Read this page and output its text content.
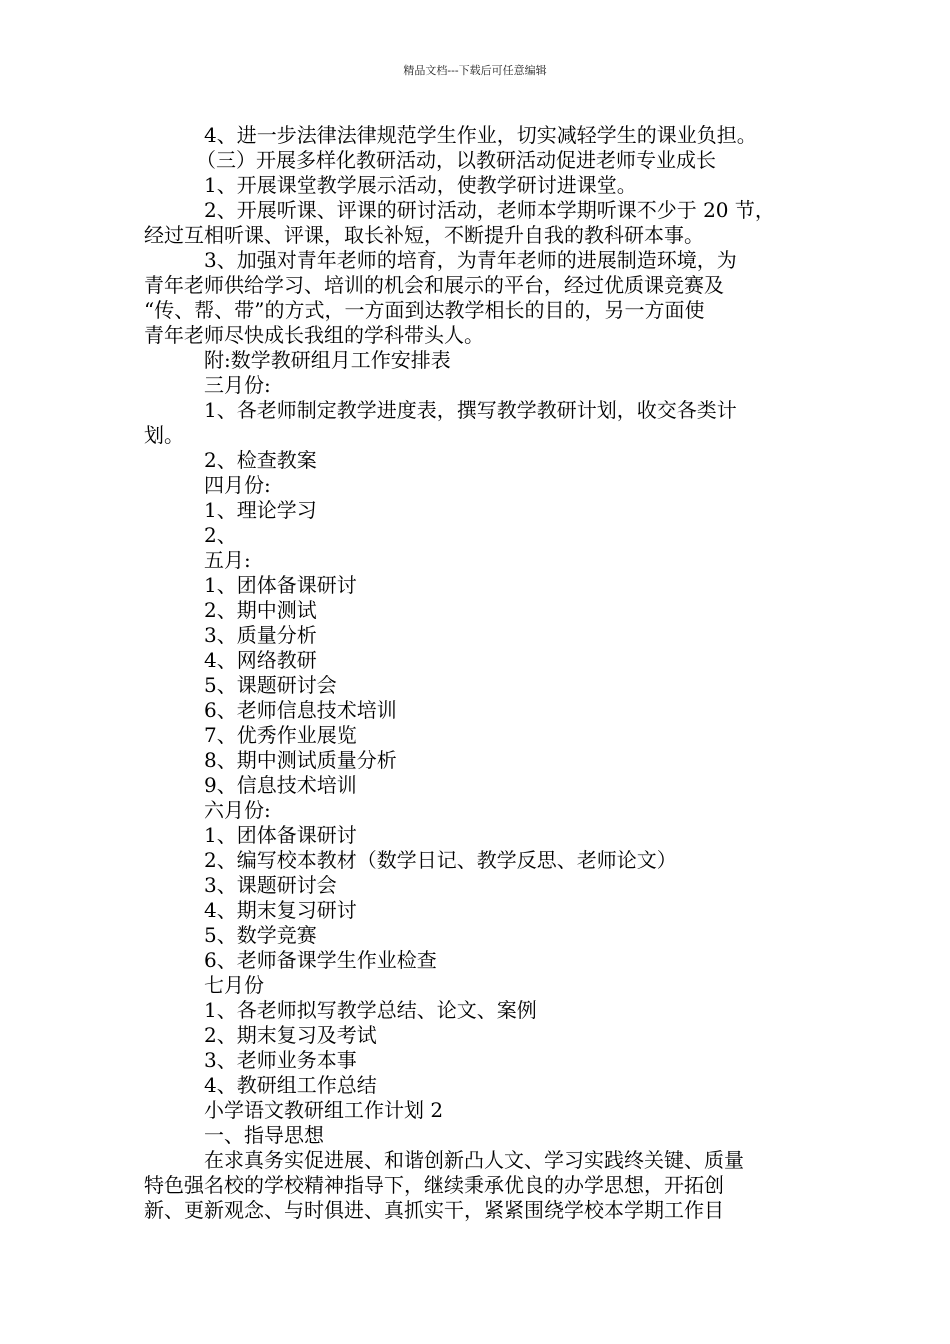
精品文档---下载后可任意编辑
4、进一步法律法律规范学生作业，切实减轻学生的课业负担。
（三）开展多样化教研活动，以教研活动促进老师专业成长
1、开展课堂教学展示活动，使教学研讨进课堂。
2、开展听课、评课的研讨活动，老师本学期听课不少于 20 节，
经过互相听课、评课，取长补短，不断提升自我的教科研本事。
3、加强对青年老师的培育，为青年老师的进展制造环境，为
青年老师供给学习、培训的机会和展示的平台，经过优质课竞赛及
“传、帮、带”的方式，一方面到达教学相长的目的，另一方面使
青年老师尽快成长我组的学科带头人。
附:数学教研组月工作安排表
三月份:
1、各老师制定教学进度表，撰写教学教研计划，收交各类计
划。
2、检查教案
四月份:
1、理论学习
2、
五月:
1、团体备课研讨
2、期中测试
3、质量分析
4、网络教研
5、课题研讨会
6、老师信息技术培训
7、优秀作业展览
8、期中测试质量分析
9、信息技术培训
六月份:
1、团体备课研讨
2、编写校本教材（数学日记、教学反思、老师论文）
3、课题研讨会
4、期末复习研讨
5、数学竞赛
6、老师备课学生作业检查
七月份
1、各老师拟写教学总结、论文、案例
2、期末复习及考试
3、老师业务本事
4、教研组工作总结
小学语文教研组工作计划 2
一、指导思想
在求真务实促进展、和谐创新凸人文、学习实践终关键、质量
特色强名校的学校精神指导下，继续秉承优良的办学思想，开拓创
新、更新观念、与时俱进、真抓实干，紧紧围绕学校本学期工作目
